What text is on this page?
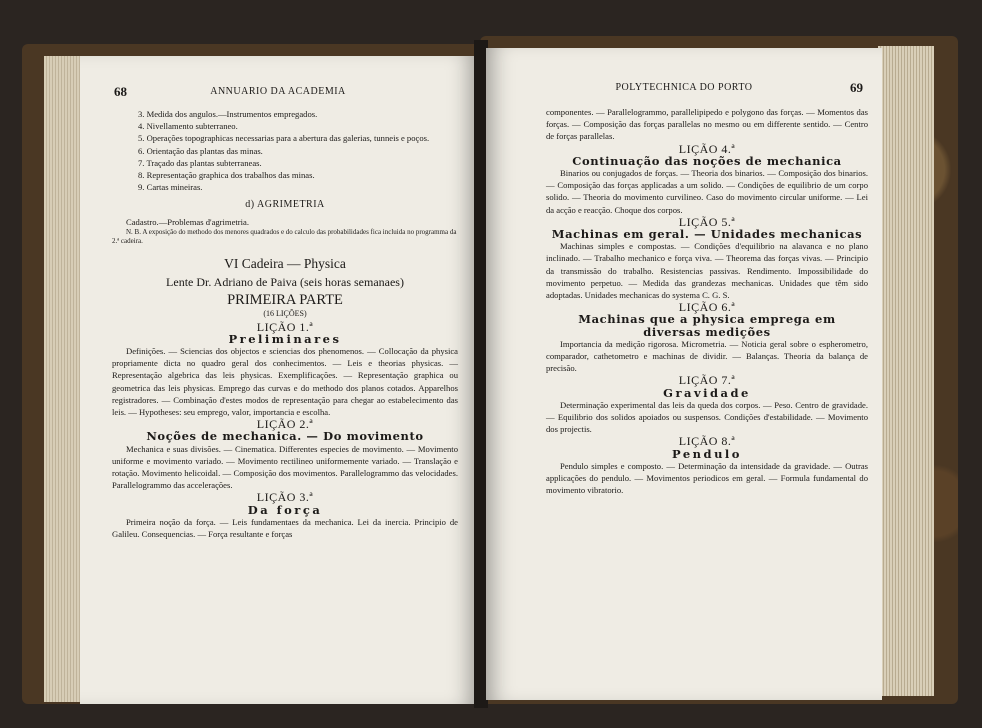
68	ANNUARIO DA ACADEMIA

3. Medida dos angulos.—Instrumentos empregados.

4. Nivellamento subterraneo.

5. Operações topographicas necessarias para a abertura das galerias, tunneis e poços.

6. Orientação das plantas das minas.

7. Traçado das plantas subterraneas.

8. Representação graphica dos trabalhos das minas.

9. Cartas mineiras.

d) AGRIMETRIA

Cadastro.—Problemas d'agrimetria.

N. B. A exposição do methodo dos menores quadrados e do calculo das probabilidades fica incluida no programma da 2.ª cadeira.

VI Cadeira — Physica

Lente Dr. Adriano de Paiva (seis horas semanaes)

PRIMEIRA PARTE

(16 LIÇÕES)

LIÇÃO 1.ª

Preliminares

Definições. — Sciencias dos objectos e sciencias dos phenomenos. — Collocação da physica propriamente dicta no quadro geral dos conhecimentos. — Leis e theorias physicas. — Representação algebrica das leis physicas. Exemplificações. — Representação graphica ou geometrica das leis physicas. Emprego das curvas e do methodo dos planos cotados. Apparelhos registradores. — Combinação d'estes modos de representação para chegar ao estabelecimento das leis. — Hypotheses: seu emprego, valor, importancia e escolha.

LIÇÃO 2.ª

Noções de mechanica. — Do movimento

Mechanica e suas divisões. — Cinematica. Differentes especies de movimento. — Movimento uniforme e movimento variado. — Movimento rectilineo uniformemente variado. — Translação e rotação. Movimento helicoidal. — Composição dos movimentos. Parallelogrammo das velocidades. Parallelogrammo das accelerações.

LIÇÃO 3.ª

Da força

Primeira noção da força. — Leis fundamentaes da mechanica. Lei da inercia. Principio de Galileu. Consequencias. — Força resultante e forças

POLYTECHNICA DO PORTO	69

componentes. — Parallelogrammo, parallelipipedo e polygono das forças. — Momentos das forças. — Composição das forças parallelas no mesmo ou em differente sentido. — Centro de forças parallelas.

LIÇÃO 4.ª

Continuação das noções de mechanica

Binarios ou conjugados de forças. — Theoria dos binarios. — Composição dos binarios. — Composição das forças applicadas a um solido. — Condições de equilibrio de um corpo solido. — Theoria do movimento curvilineo. Caso do movimento circular uniforme. — Lei da acção e reacção. Choque dos corpos.

LIÇÃO 5.ª

Machinas em geral. — Unidades mechanicas

Machinas simples e compostas. — Condições d'equilibrio na alavanca e no plano inclinado. — Trabalho mechanico e força viva. — Theorema das forças vivas. — Principio da transmissão do trabalho. Resistencias passivas. Rendimento. Impossibilidade do movimento perpetuo. — Medida das grandezas mechanicas. Unidades que têm sido adoptadas. Unidades mechanicas do systema C. G. S.

LIÇÃO 6.ª

Machinas que a physica emprega em

diversas medições

Importancia da medição rigorosa. Micrometria. — Noticia geral sobre o espherometro, comparador, cathetometro e machinas de dividir. — Balanças. Theoria da balança de precisão.

LIÇÃO 7.ª

Gravidade

Determinação experimental das leis da queda dos corpos. — Peso. Centro de gravidade. — Equilibrio dos solidos apoiados ou suspensos. Condições d'estabilidade. — Movimento dos projectis.

LIÇÃO 8.ª

Pendulo

Pendulo simples e composto. — Determinação da intensidade da gravidade. — Outras applicações do pendulo. — Movimentos periodicos em geral. — Formula fundamental do movimento vibratorio.
